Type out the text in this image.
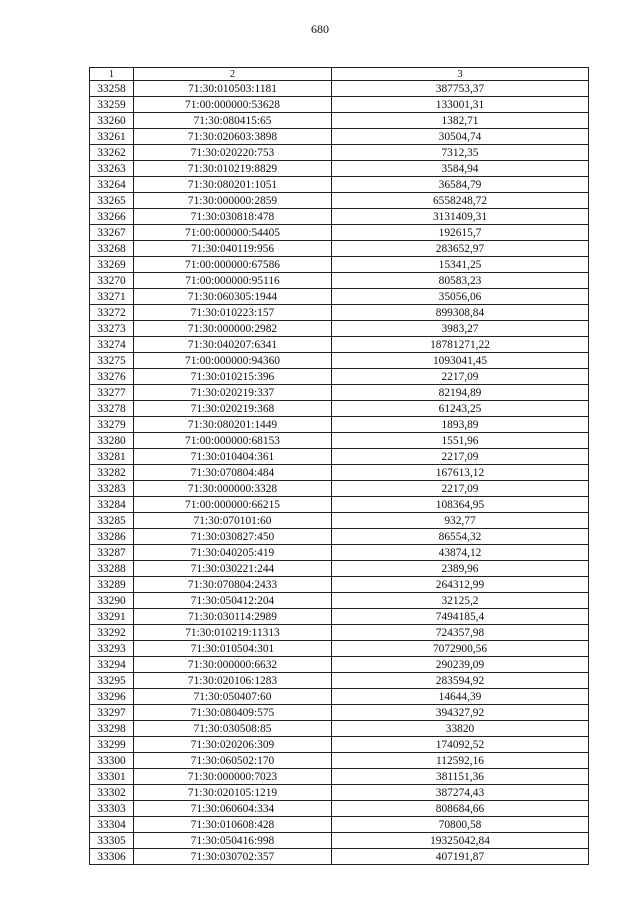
680
1	2	3
33258	71:30:010503:1181	387753,37
33259	71:00:000000:53628	133001,31
33260	71:30:080415:65	1382,71
33261	71:30:020603:3898	30504,74
33262	71:30:020220:753	7312,35
33263	71:30:010219:8829	3584,94
33264	71:30:080201:1051	36584,79
33265	71:30:000000:2859	6558248,72
33266	71:30:030818:478	3131409,31
33267	71:00:000000:54405	192615,7
33268	71:30:040119:956	283652,97
33269	71:00:000000:67586	15341,25
33270	71:00:000000:95116	80583,23
33271	71:30:060305:1944	35056,06
33272	71:30:010223:157	899308,84
33273	71:30:000000:2982	3983,27
33274	71:30:040207:6341	18781271,22
33275	71:00:000000:94360	1093041,45
33276	71:30:010215:396	2217,09
33277	71:30:020219:337	82194,89
33278	71:30:020219:368	61243,25
33279	71:30:080201:1449	1893,89
33280	71:00:000000:68153	1551,96
33281	71:30:010404:361	2217,09
33282	71:30:070804:484	167613,12
33283	71:30:000000:3328	2217,09
33284	71:00:000000:66215	108364,95
33285	71:30:070101:60	932,77
33286	71:30:030827:450	86554,32
33287	71:30:040205:419	43874,12
33288	71:30:030221:244	2389,96
33289	71:30:070804:2433	264312,99
33290	71:30:050412:204	32125,2
33291	71:30:030114:2989	7494185,4
33292	71:30:010219:11313	724357,98
33293	71:30:010504:301	7072900,56
33294	71:30:000000:6632	290239,09
33295	71:30:020106:1283	283594,92
33296	71:30:050407:60	14644,39
33297	71:30:080409:575	394327,92
33298	71:30:030508:85	33820
33299	71:30:020206:309	174092,52
33300	71:30:060502:170	112592,16
33301	71:30:000000:7023	381151,36
33302	71:30:020105:1219	387274,43
33303	71:30:060604:334	808684,66
33304	71:30:010608:428	70800,58
33305	71:30:050416:998	19325042,84
33306	71:30:030702:357	407191,87
